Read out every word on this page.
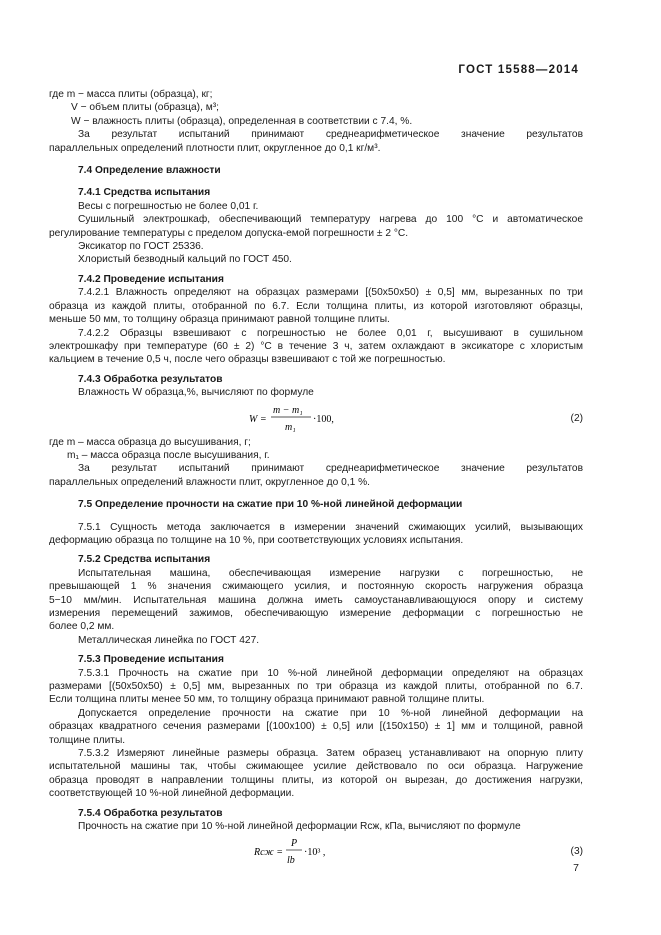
ГОСТ 15588—2014
где m − масса плиты (образца), кг;
V − объем плиты (образца), м³;
W − влажность плиты (образца), определенная в соответствии с 7.4, %.
За результат испытаний принимают среднеарифметическое значение результатов
параллельных определений плотности плит, округленное до 0,1 кг/м³.
7.4 Определение влажности
7.4.1 Средства испытания
Весы с погрешностью не более 0,01 г.
Сушильный электрошкаф, обеспечивающий температуру нагрева до 100 °С и автоматическое
регулирование температуры с пределом допуска-емой погрешности ± 2 °С.
Эксикатор по ГОСТ 25336.
Хлористый безводный кальций по ГОСТ 450.
7.4.2 Проведение испытания
7.4.2.1 Влажность определяют на образцах размерами [(50х50х50) ± 0,5] мм, вырезанных по три
образца из каждой плиты, отобранной по 6.7. Если толщина плиты, из которой изготовляют образцы,
меньше 50 мм, то толщину образца принимают равной толщине плиты.
7.4.2.2 Образцы взвешивают с погрешностью не более 0,01 г, высушивают в сушильном
электрошкафу при температуре (60 ± 2) °С в течение 3 ч, затем охлаждают в эксикаторе с хлористым
кальцием в течение 0,5 ч, после чего образцы взвешивают с той же погрешностью.
7.4.3 Обработка результатов
Влажность W образца,%, вычисляют по формуле
W =
m − m₁
m₁
·100,	(2)
где m – масса образца до высушивания, г;
m₁ – масса образца после высушивания, г.
За результат испытаний принимают среднеарифметическое значение результатов
параллельных определений влажности плит, округленное до 0,1 %.
7.5 Определение прочности на сжатие при 10 %-ной линейной деформации
7.5.1 Сущность метода заключается в измерении значений сжимающих усилий, вызывающих
деформацию образца по толщине на 10 %, при соответствующих условиях испытания.
7.5.2 Средства испытания
Испытательная машина, обеспечивающая измерение нагрузки с погрешностью, не
превышающей 1 % значения сжимающего усилия, и постоянную скорость нагружения образца
5−10 мм/мин. Испытательная машина должна иметь самоустанавливающуюся опору и систему
измерения перемещений зажимов, обеспечивающую измерение деформации с погрешностью не
более 0,2 мм.
Металлическая линейка по ГОСТ 427.
7.5.3 Проведение испытания
7.5.3.1 Прочность на сжатие при 10 %-ной линейной деформации определяют на образцах
размерами [(50х50х50) ± 0,5] мм, вырезанных по три образца из каждой плиты, отобранной по 6.7.
Если толщина плиты менее 50 мм, то толщину образца принимают равной толщине плиты.
Допускается определение прочности на сжатие при 10 %-ной линейной деформации на
образцах квадратного сечения размерами [(100х100) ± 0,5] или [(150х150) ± 1] мм и толщиной, равной
толщине плиты.
7.5.3.2 Измеряют линейные размеры образца. Затем образец устанавливают на опорную плиту
испытательной машины так, чтобы сжимающее усилие действовало по оси образца. Нагружение
образца проводят в направлении толщины плиты, из которой он вырезан, до достижения нагрузки,
соответствующей 10 %-ной линейной деформации.
7.5.4 Обработка результатов
Прочность на сжатие при 10 %-ной линейной деформации Rсж, кПа, вычисляют по формуле
Rсж =
P
lb
·10³ ,	(3)
7
